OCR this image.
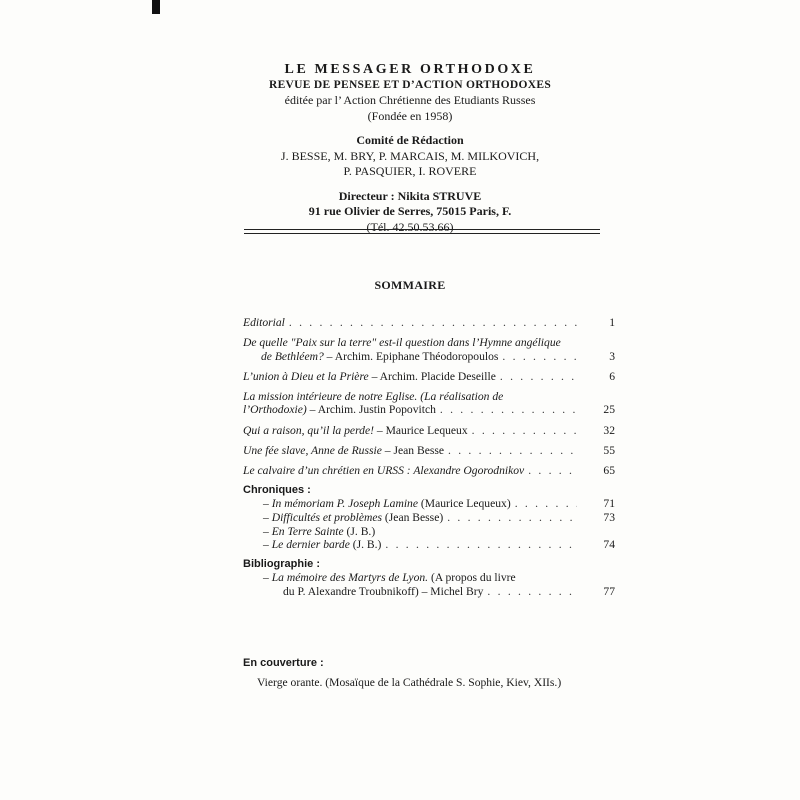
LE MESSAGER ORTHODOXE
REVUE DE PENSEE ET D’ACTION ORTHODOXES
éditée par l’ Action Chrétienne des Etudiants Russes
(Fondée en 1958)
Comité de Rédaction
J. BESSE, M. BRY, P. MARCAIS, M. MILKOVICH,
P. PASQUIER, I. ROVERE
Directeur : Nikita STRUVE
91 rue Olivier de Serres, 75015 Paris, F.
(Tél. 42.50.53.66)
SOMMAIRE
Editorial . . .	1
De quelle "Paix sur la terre" est-il question dans l’Hymne angélique
de Bethléem? – Archim. Epiphane Théodoropoulos . . .	3
L’union à Dieu et la Prière – Archim. Placide Deseille . . .	6
La mission intérieure de notre Eglise. (La réalisation de
l’Orthodoxie) – Archim. Justin Popovitch . . .	25
Qui a raison, qu’il la perde! – Maurice Lequeux . . .	32
Une fée slave, Anne de Russie – Jean Besse . . .	55
Le calvaire d’un chrétien en URSS : Alexandre Ogorodnikov . . .	65
Chroniques :
– In mémoriam P. Joseph Lamine (Maurice Lequeux) . . .	71
– Difficultés et problèmes (Jean Besse) . . .	73
– En Terre Sainte (J. B.)
– Le dernier barde (J. B.) . . .	74
Bibliographie :
– La mémoire des Martyrs de Lyon. (A propos du livre
du P. Alexandre Troubnikoff) – Michel Bry . . .	77
En couverture :
Vierge orante. (Mosaïque de la Cathédrale S. Sophie, Kiev, XIIs.)
